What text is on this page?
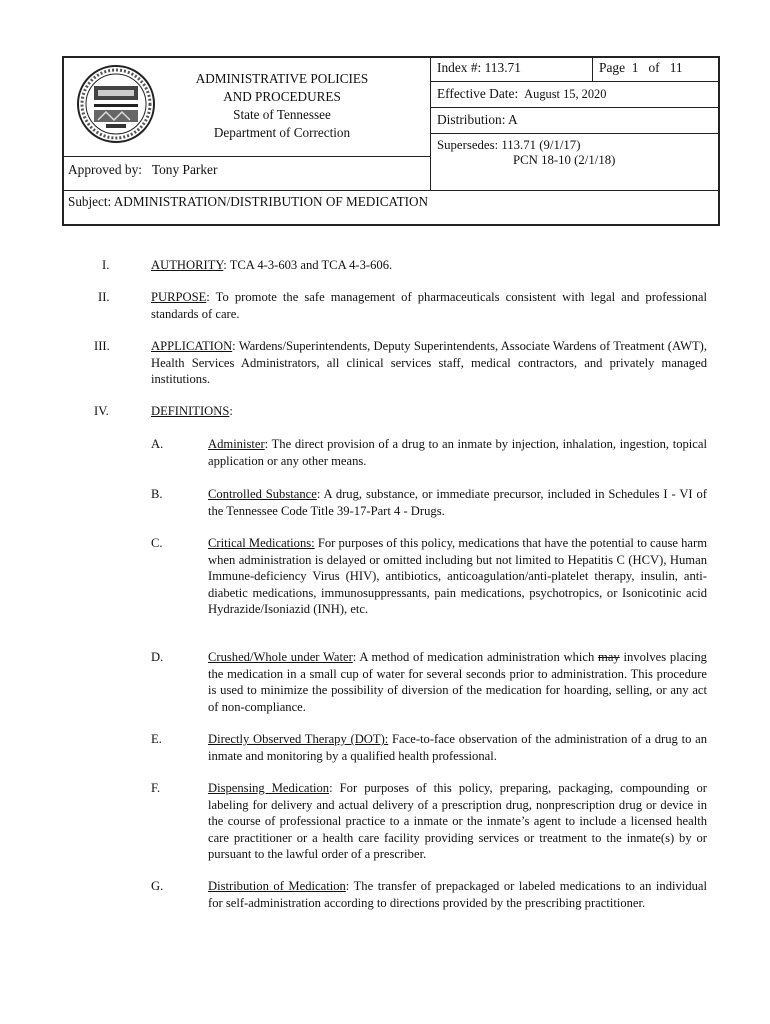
ADMINISTRATIVE POLICIES
AND PROCEDURES
State of Tennessee
Department of Correction
Approved by: Tony Parker
Index #: 113.71	Page 1 of 11
Effective Date: August 15, 2020
Distribution: A
Supersedes: 113.71 (9/1/17)
PCN 18-10 (2/1/18)
Subject: ADMINISTRATION/DISTRIBUTION OF MEDICATION
I.	AUTHORITY: TCA 4-3-603 and TCA 4-3-606.
II.	PURPOSE: To promote the safe management of pharmaceuticals consistent with legal and professional standards of care.
III.	APPLICATION: Wardens/Superintendents, Deputy Superintendents, Associate Wardens of Treatment (AWT), Health Services Administrators, all clinical services staff, medical contractors, and privately managed institutions.
IV.	DEFINITIONS:
A.	Administer: The direct provision of a drug to an inmate by injection, inhalation, ingestion, topical application or any other means.
B.	Controlled Substance: A drug, substance, or immediate precursor, included in Schedules I - VI of the Tennessee Code Title 39-17-Part 4 - Drugs.
C.	Critical Medications: For purposes of this policy, medications that have the potential to cause harm when administration is delayed or omitted including but not limited to Hepatitis C (HCV), Human Immune-deficiency Virus (HIV), antibiotics, anticoagulation/anti-platelet therapy, insulin, anti-diabetic medications, immunosuppressants, pain medications, psychotropics, or Isonicotinic acid Hydrazide/Isoniazid (INH), etc.
D.	Crushed/Whole under Water: A method of medication administration which may involves placing the medication in a small cup of water for several seconds prior to administration. This procedure is used to minimize the possibility of diversion of the medication for hoarding, selling, or any act of non-compliance.
E.	Directly Observed Therapy (DOT): Face-to-face observation of the administration of a drug to an inmate and monitoring by a qualified health professional.
F.	Dispensing Medication: For purposes of this policy, preparing, packaging, compounding or labeling for delivery and actual delivery of a prescription drug, nonprescription drug or device in the course of professional practice to a inmate or the inmate’s agent to include a licensed health care practitioner or a health care facility providing services or treatment to the inmate(s) by or pursuant to the lawful order of a prescriber.
G.	Distribution of Medication: The transfer of prepackaged or labeled medications to an individual for self-administration according to directions provided by the prescribing practitioner.
